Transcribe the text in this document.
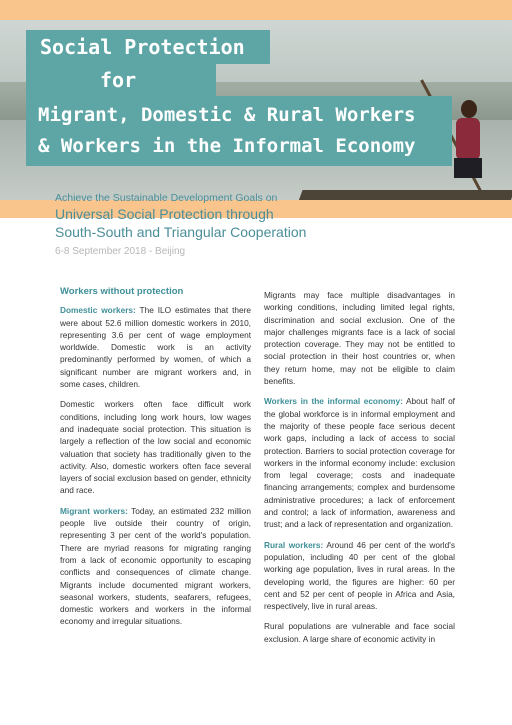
Social Protection
for
Migrant, Domestic & Rural Workers
& Workers in the Informal Economy
Achieve the Sustainable Development Goals on
Universal Social Protection through
South-South and Triangular Cooperation
6-8 September 2018 - Beijing
Workers without protection

Domestic workers: The ILO estimates that there were about 52.6 million domestic workers in 2010, representing 3.6 per cent of wage employment worldwide. Domestic work is an activity predominantly performed by women, of which a significant number are migrant workers and, in some cases, children.

Domestic workers often face difficult work conditions, including long work hours, low wages and inadequate social protection. This situation is largely a reflection of the low social and economic valuation that society has traditionally given to the activity. Also, domestic workers often face several layers of social exclusion based on gender, ethnicity and race.

Migrant workers: Today, an estimated 232 million people live outside their country of origin, representing 3 per cent of the world's population. There are myriad reasons for migrating ranging from a lack of economic opportunity to escaping conflicts and consequences of climate change. Migrants include documented migrant workers, seasonal workers, students, seafarers, refugees, domestic workers and workers in the informal economy and irregular situations.

Migrants may face multiple disadvantages in working conditions, including limited legal rights, discrimination and social exclusion. One of the major challenges migrants face is a lack of social protection coverage. They may not be entitled to social protection in their host countries or, when they return home, may not be eligible to claim benefits.

Workers in the informal economy: About half of the global workforce is in informal employment and the majority of these people face serious decent work gaps, including a lack of access to social protection. Barriers to social protection coverage for workers in the informal economy include: exclusion from legal coverage; costs and inadequate financing arrangements; complex and burdensome administrative procedures; a lack of enforcement and control; a lack of information, awareness and trust; and a lack of representation and organization.

Rural workers: Around 46 per cent of the world's population, including 40 per cent of the global working age population, lives in rural areas. In the developing world, the figures are higher: 60 per cent and 52 per cent of people in Africa and Asia, respectively, live in rural areas.

Rural populations are vulnerable and face social exclusion. A large share of economic activity in
